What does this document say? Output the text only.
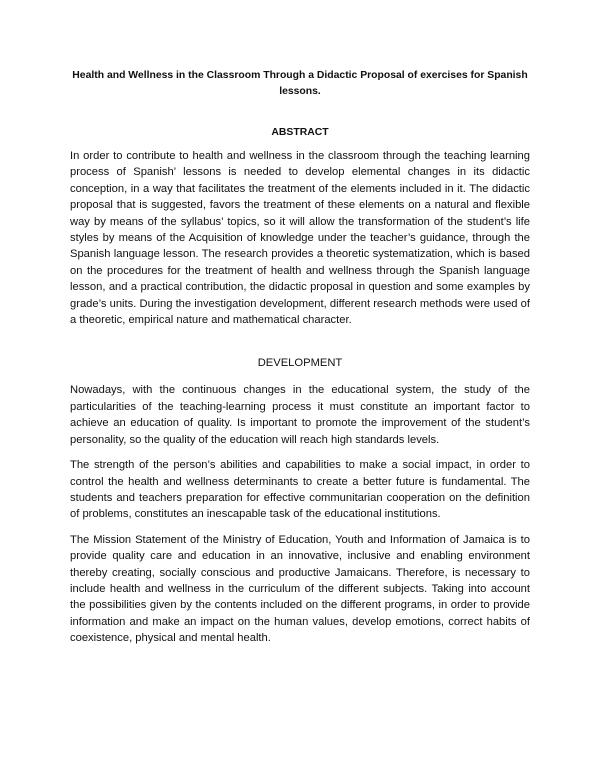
Health and Wellness in the Classroom Through a Didactic Proposal of exercises for Spanish lessons.
ABSTRACT

In order to contribute to health and wellness in the classroom through the teaching learning process of Spanish’ lessons is needed to develop elemental changes in its didactic conception, in a way that facilitates the treatment of the elements included in it. The didactic proposal that is suggested, favors the treatment of these elements on a natural and flexible way by means of the syllabus’ topics, so it will allow the transformation of the student’s life styles by means of the Acquisition of knowledge under the teacher’s guidance, through the Spanish language lesson. The research provides a theoretic systematization, which is based on the procedures for the treatment of health and wellness through the Spanish language lesson, and a practical contribution, the didactic proposal in question and some examples by grade’s units. During the investigation development, different research methods were used of a theoretic, empirical nature and mathematical character.

DEVELOPMENT

Nowadays, with the continuous changes in the educational system, the study of the particularities of the teaching-learning process it must constitute an important factor to achieve an education of quality. Is important to promote the improvement of the student’s personality, so the quality of the education will reach high standards levels.

The strength of the person’s abilities and capabilities to make a social impact, in order to control the health and wellness determinants to create a better future is fundamental. The students and teachers preparation for effective communitarian cooperation on the definition of problems, constitutes an inescapable task of the educational institutions.

The Mission Statement of the Ministry of Education, Youth and Information of Jamaica is to provide quality care and education in an innovative, inclusive and enabling environment thereby creating, socially conscious and productive Jamaicans. Therefore, is necessary to include health and wellness in the curriculum of the different subjects. Taking into account the possibilities given by the contents included on the different programs, in order to provide information and make an impact on the human values, develop emotions, correct habits of coexistence, physical and mental health.
